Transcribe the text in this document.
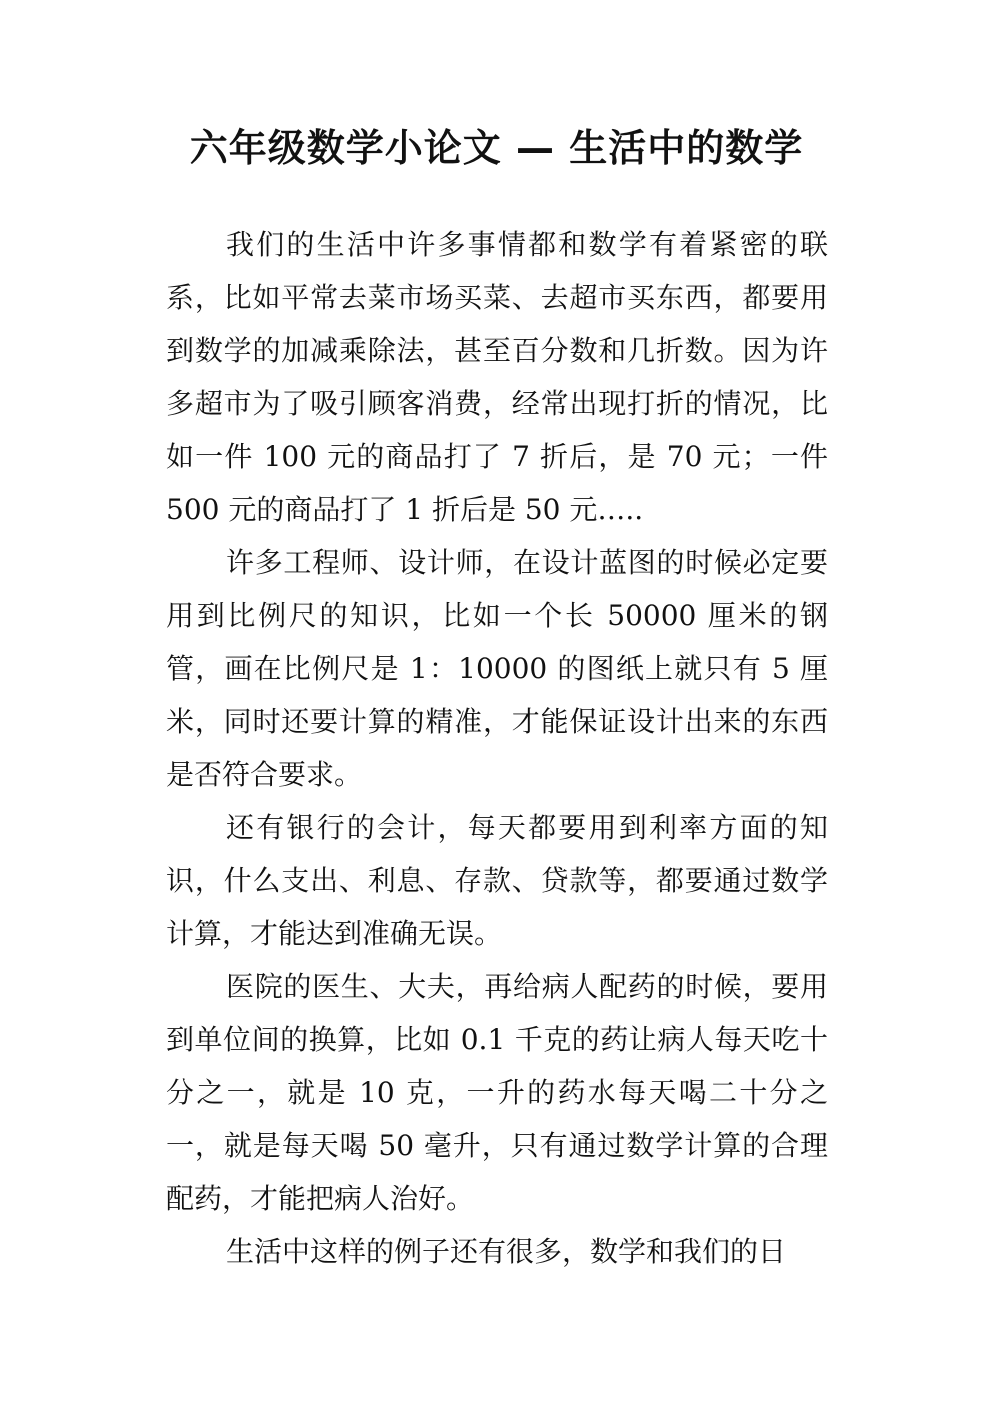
六年级数学小论文 — 生活中的数学

我们的生活中许多事情都和数学有着紧密的联系，比如平常去菜市场买菜、去超市买东西，都要用到数学的加减乘除法，甚至百分数和几折数。因为许多超市为了吸引顾客消费，经常出现打折的情况，比如一件 100 元的商品打了 7 折后，是 70 元；一件 500 元的商品打了 1 折后是 50 元…..

许多工程师、设计师，在设计蓝图的时候必定要用到比例尺的知识，比如一个长 50000 厘米的钢管，画在比例尺是 1：10000 的图纸上就只有 5 厘米，同时还要计算的精准，才能保证设计出来的东西是否符合要求。

还有银行的会计，每天都要用到利率方面的知识，什么支出、利息、存款、贷款等，都要通过数学计算，才能达到准确无误。

医院的医生、大夫，再给病人配药的时候，要用到单位间的换算，比如 0.1 千克的药让病人每天吃十分之一，就是 10 克，一升的药水每天喝二十分之一，就是每天喝 50 毫升，只有通过数学计算的合理配药，才能把病人治好。

生活中这样的例子还有很多，数学和我们的日
